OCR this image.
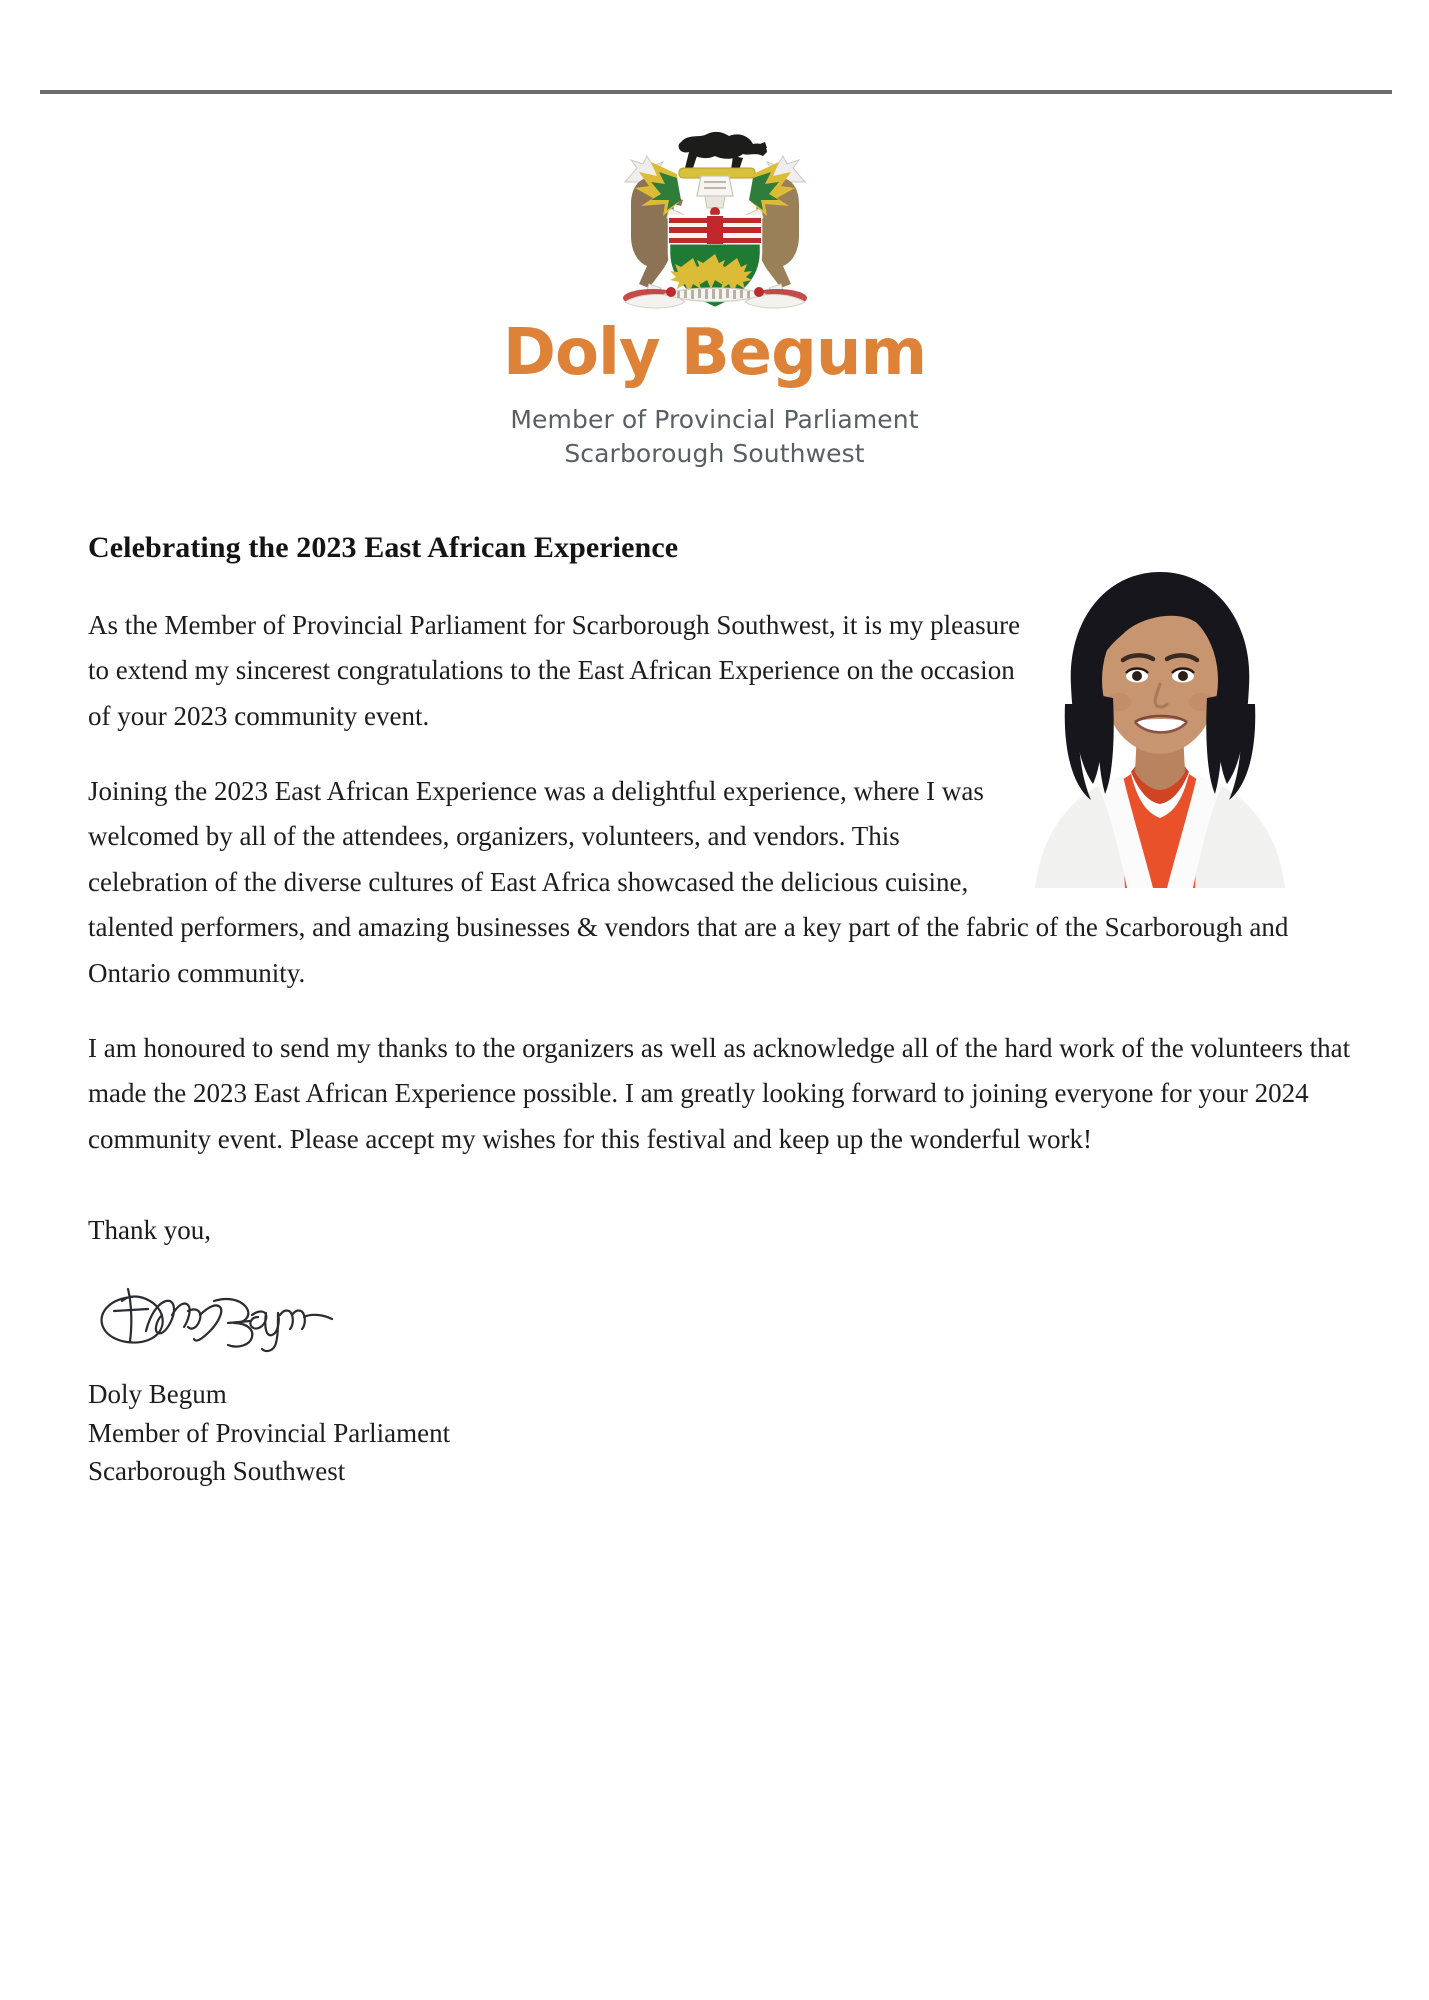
Doly Begum
Member of Provincial Parliament
Scarborough Southwest
Celebrating the 2023 East African Experience

As the Member of Provincial Parliament for Scarborough Southwest, it is my pleasure to extend my sincerest congratulations to the East African Experience on the occasion of your 2023 community event.

Joining the 2023 East African Experience was a delightful experience, where I was welcomed by all of the attendees, organizers, volunteers, and vendors. This celebration of the diverse cultures of East Africa showcased the delicious cuisine, talented performers, and amazing businesses & vendors that are a key part of the fabric of the Scarborough and Ontario community.

I am honoured to send my thanks to the organizers as well as acknowledge all of the hard work of the volunteers that made the 2023 East African Experience possible. I am greatly looking forward to joining everyone for your 2024 community event. Please accept my wishes for this festival and keep up the wonderful work!

Thank you,

Doly Begum
Member of Provincial Parliament
Scarborough Southwest
